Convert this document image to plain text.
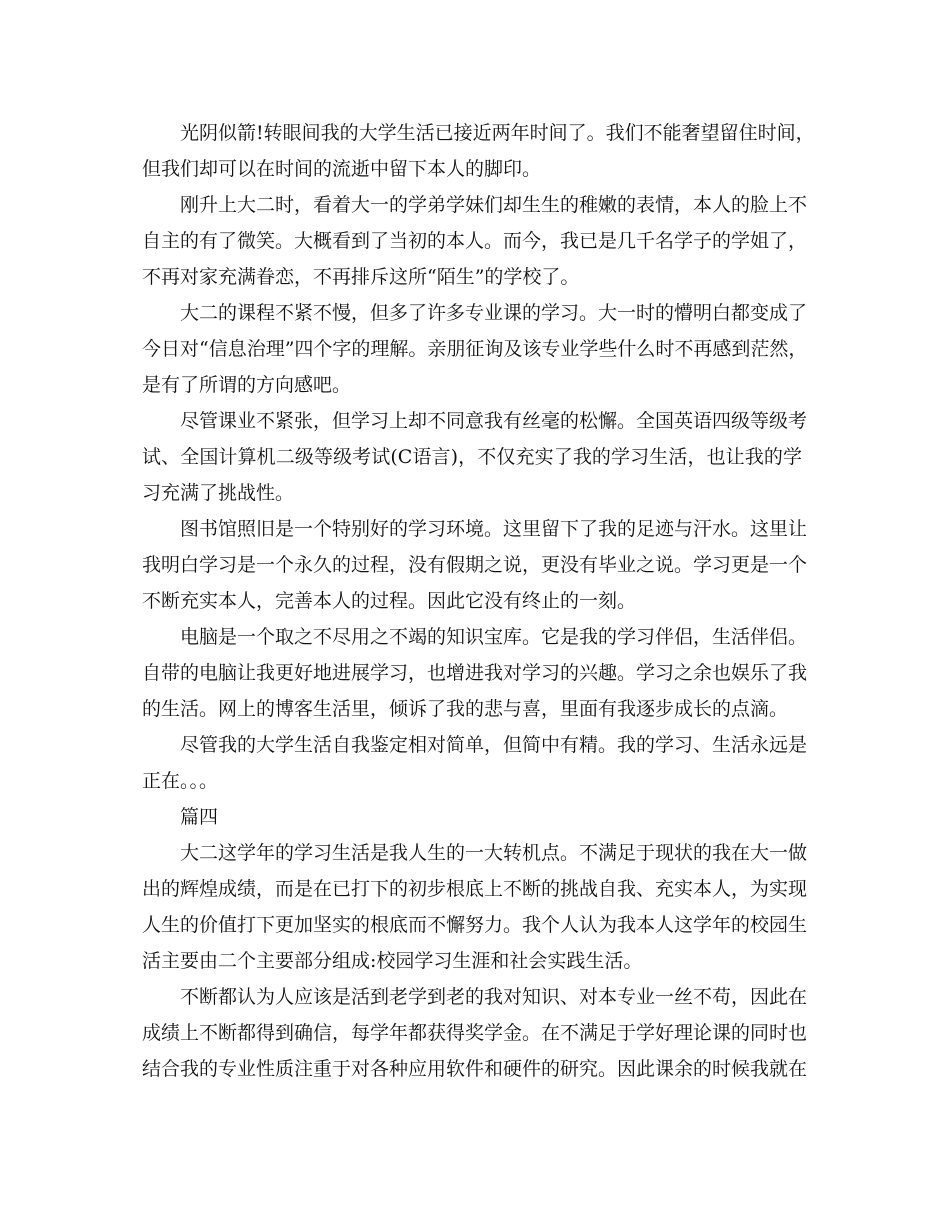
光阴似箭!转眼间我的大学生活已接近两年时间了。我们不能奢望留住时间，
但我们却可以在时间的流逝中留下本人的脚印。
刚升上大二时，看着大一的学弟学妹们却生生的稚嫩的表情，本人的脸上不
自主的有了微笑。大概看到了当初的本人。而今，我已是几千名学子的学姐了，
不再对家充满眷恋，不再排斥这所“陌生”的学校了。
大二的课程不紧不慢，但多了许多专业课的学习。大一时的懵明白都变成了
今日对“信息治理”四个字的理解。亲朋征询及该专业学些什么时不再感到茫然，
是有了所谓的方向感吧。
尽管课业不紧张，但学习上却不同意我有丝毫的松懈。全国英语四级等级考
试、全国计算机二级等级考试(C语言)，不仅充实了我的学习生活，也让我的学
习充满了挑战性。
图书馆照旧是一个特别好的学习环境。这里留下了我的足迹与汗水。这里让
我明白学习是一个永久的过程，没有假期之说，更没有毕业之说。学习更是一个
不断充实本人，完善本人的过程。因此它没有终止的一刻。
电脑是一个取之不尽用之不竭的知识宝库。它是我的学习伴侣，生活伴侣。
自带的电脑让我更好地进展学习，也增进我对学习的兴趣。学习之余也娱乐了我
的生活。网上的博客生活里，倾诉了我的悲与喜，里面有我逐步成长的点滴。
尽管我的大学生活自我鉴定相对简单，但简中有精。我的学习、生活永远是
正在。。。
篇四
大二这学年的学习生活是我人生的一大转机点。不满足于现状的我在大一做
出的辉煌成绩，而是在已打下的初步根底上不断的挑战自我、充实本人，为实现
人生的价值打下更加坚实的根底而不懈努力。我个人认为我本人这学年的校园生
活主要由二个主要部分组成:校园学习生涯和社会实践生活。
不断都认为人应该是活到老学到老的我对知识、对本专业一丝不苟，因此在
成绩上不断都得到确信，每学年都获得奖学金。在不满足于学好理论课的同时也
结合我的专业性质注重于对各种应用软件和硬件的研究。因此课余的时候我就在
